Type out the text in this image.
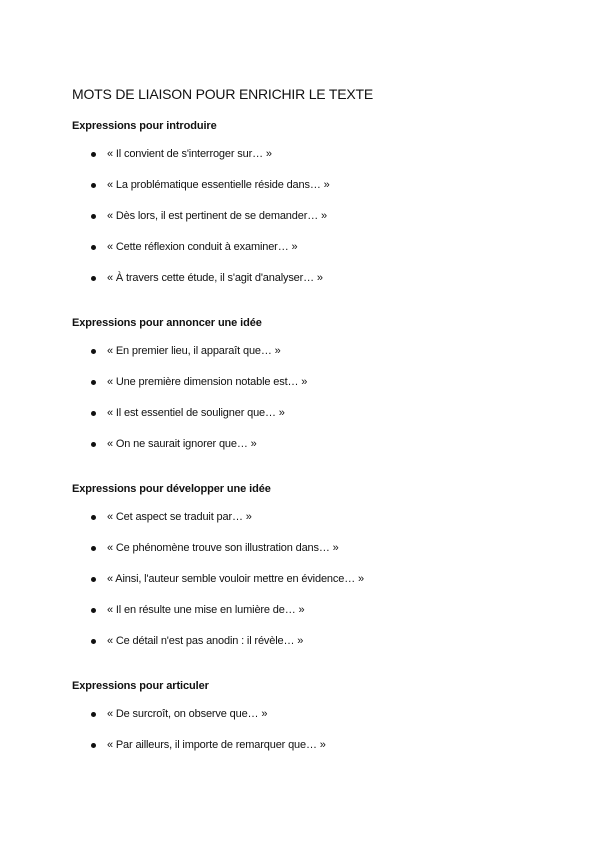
MOTS DE LIAISON POUR ENRICHIR LE TEXTE
Expressions pour introduire
« Il convient de s'interroger sur… »
« La problématique essentielle réside dans… »
« Dès lors, il est pertinent de se demander… »
« Cette réflexion conduit à examiner… »
« À travers cette étude, il s'agit d'analyser… »
Expressions pour annoncer une idée
« En premier lieu, il apparaît que… »
« Une première dimension notable est… »
« Il est essentiel de souligner que… »
« On ne saurait ignorer que… »
Expressions pour développer une idée
« Cet aspect se traduit par… »
« Ce phénomène trouve son illustration dans… »
« Ainsi, l'auteur semble vouloir mettre en évidence… »
« Il en résulte une mise en lumière de… »
« Ce détail n'est pas anodin : il révèle… »
Expressions pour articuler
« De surcroît, on observe que… »
« Par ailleurs, il importe de remarquer que… »
